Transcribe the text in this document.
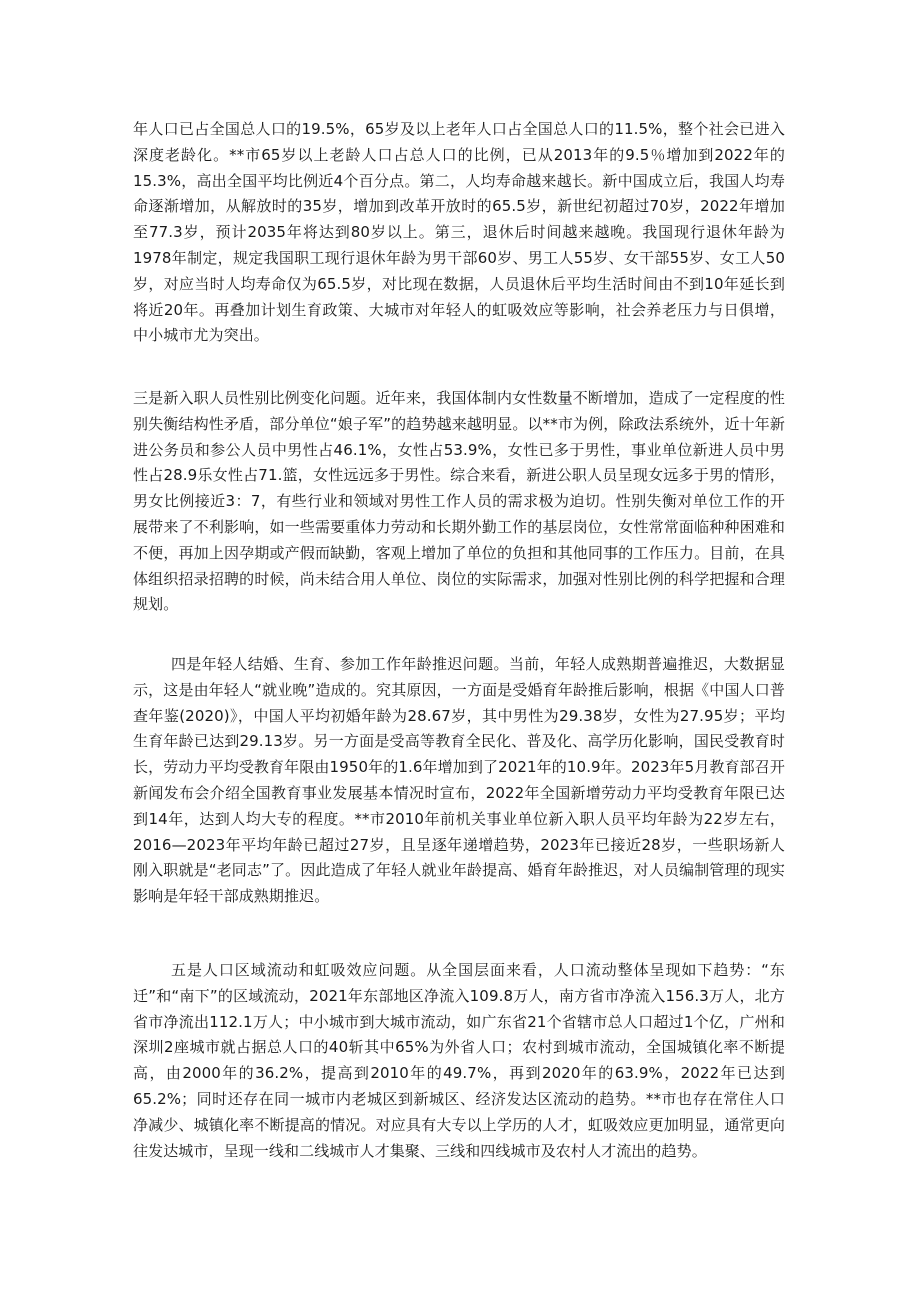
年人口已占全国总人口的19.5%，65岁及以上老年人口占全国总人口的11.5%，整个社会已进入深度老龄化。**市65岁以上老龄人口占总人口的比例，已从2013年的9.5％增加到2022年的15.3%，高出全国平均比例近4个百分点。第二，人均寿命越来越长。新中国成立后，我国人均寿命逐渐增加，从解放时的35岁，增加到改革开放时的65.5岁，新世纪初超过70岁，2022年增加至77.3岁，预计2035年将达到80岁以上。第三，退休后时间越来越晚。我国现行退休年龄为1978年制定，规定我国职工现行退休年龄为男干部60岁、男工人55岁、女干部55岁、女工人50岁，对应当时人均寿命仅为65.5岁，对比现在数据，人员退休后平均生活时间由不到10年延长到将近20年。再叠加计划生育政策、大城市对年轻人的虹吸效应等影响，社会养老压力与日俱增，中小城市尤为突出。

三是新入职人员性别比例变化问题。近年来，我国体制内女性数量不断增加，造成了一定程度的性别失衡结构性矛盾，部分单位“娘子军”的趋势越来越明显。以**市为例，除政法系统外，近十年新进公务员和参公人员中男性占46.1%，女性占53.9%，女性已多于男性，事业单位新进人员中男性占28.9乐女性占71.篮，女性远远多于男性。综合来看，新进公职人员呈现女远多于男的情形，男女比例接近3：7，有些行业和领域对男性工作人员的需求极为迫切。性别失衡对单位工作的开展带来了不利影响，如一些需要重体力劳动和长期外勤工作的基层岗位，女性常常面临种种困难和不便，再加上因孕期或产假而缺勤，客观上增加了单位的负担和其他同事的工作压力。目前，在具体组织招录招聘的时候，尚未结合用人单位、岗位的实际需求，加强对性别比例的科学把握和合理规划。

四是年轻人结婚、生育、参加工作年龄推迟问题。当前，年轻人成熟期普遍推迟，大数据显示，这是由年轻人“就业晚”造成的。究其原因，一方面是受婚育年龄推后影响，根据《中国人口普查年鉴(2020)》，中国人平均初婚年龄为28.67岁，其中男性为29.38岁，女性为27.95岁；平均生育年龄已达到29.13岁。另一方面是受高等教育全民化、普及化、高学历化影响，国民受教育时长，劳动力平均受教育年限由1950年的1.6年增加到了2021年的10.9年。2023年5月教育部召开新闻发布会介绍全国教育事业发展基本情况时宣布，2022年全国新增劳动力平均受教育年限已达到14年，达到人均大专的程度。**市2010年前机关事业单位新入职人员平均年龄为22岁左右，2016—2023年平均年龄已超过27岁，且呈逐年递增趋势，2023年已接近28岁，一些职场新人刚入职就是“老同志”了。因此造成了年轻人就业年龄提高、婚育年龄推迟，对人员编制管理的现实影响是年轻干部成熟期推迟。

五是人口区域流动和虹吸效应问题。从全国层面来看，人口流动整体呈现如下趋势：“东迁”和“南下”的区域流动，2021年东部地区净流入109.8万人，南方省市净流入156.3万人，北方省市净流出112.1万人；中小城市到大城市流动，如广东省21个省辖市总人口超过1个亿，广州和深圳2座城市就占据总人口的40斩其中65%为外省人口；农村到城市流动，全国城镇化率不断提高，由2000年的36.2%，提高到2010年的49.7%，再到2020年的63.9%，2022年已达到65.2%；同时还存在同一城市内老城区到新城区、经济发达区流动的趋势。**市也存在常住人口净减少、城镇化率不断提高的情况。对应具有大专以上学历的人才，虹吸效应更加明显，通常更向往发达城市，呈现一线和二线城市人才集聚、三线和四线城市及农村人才流出的趋势。
